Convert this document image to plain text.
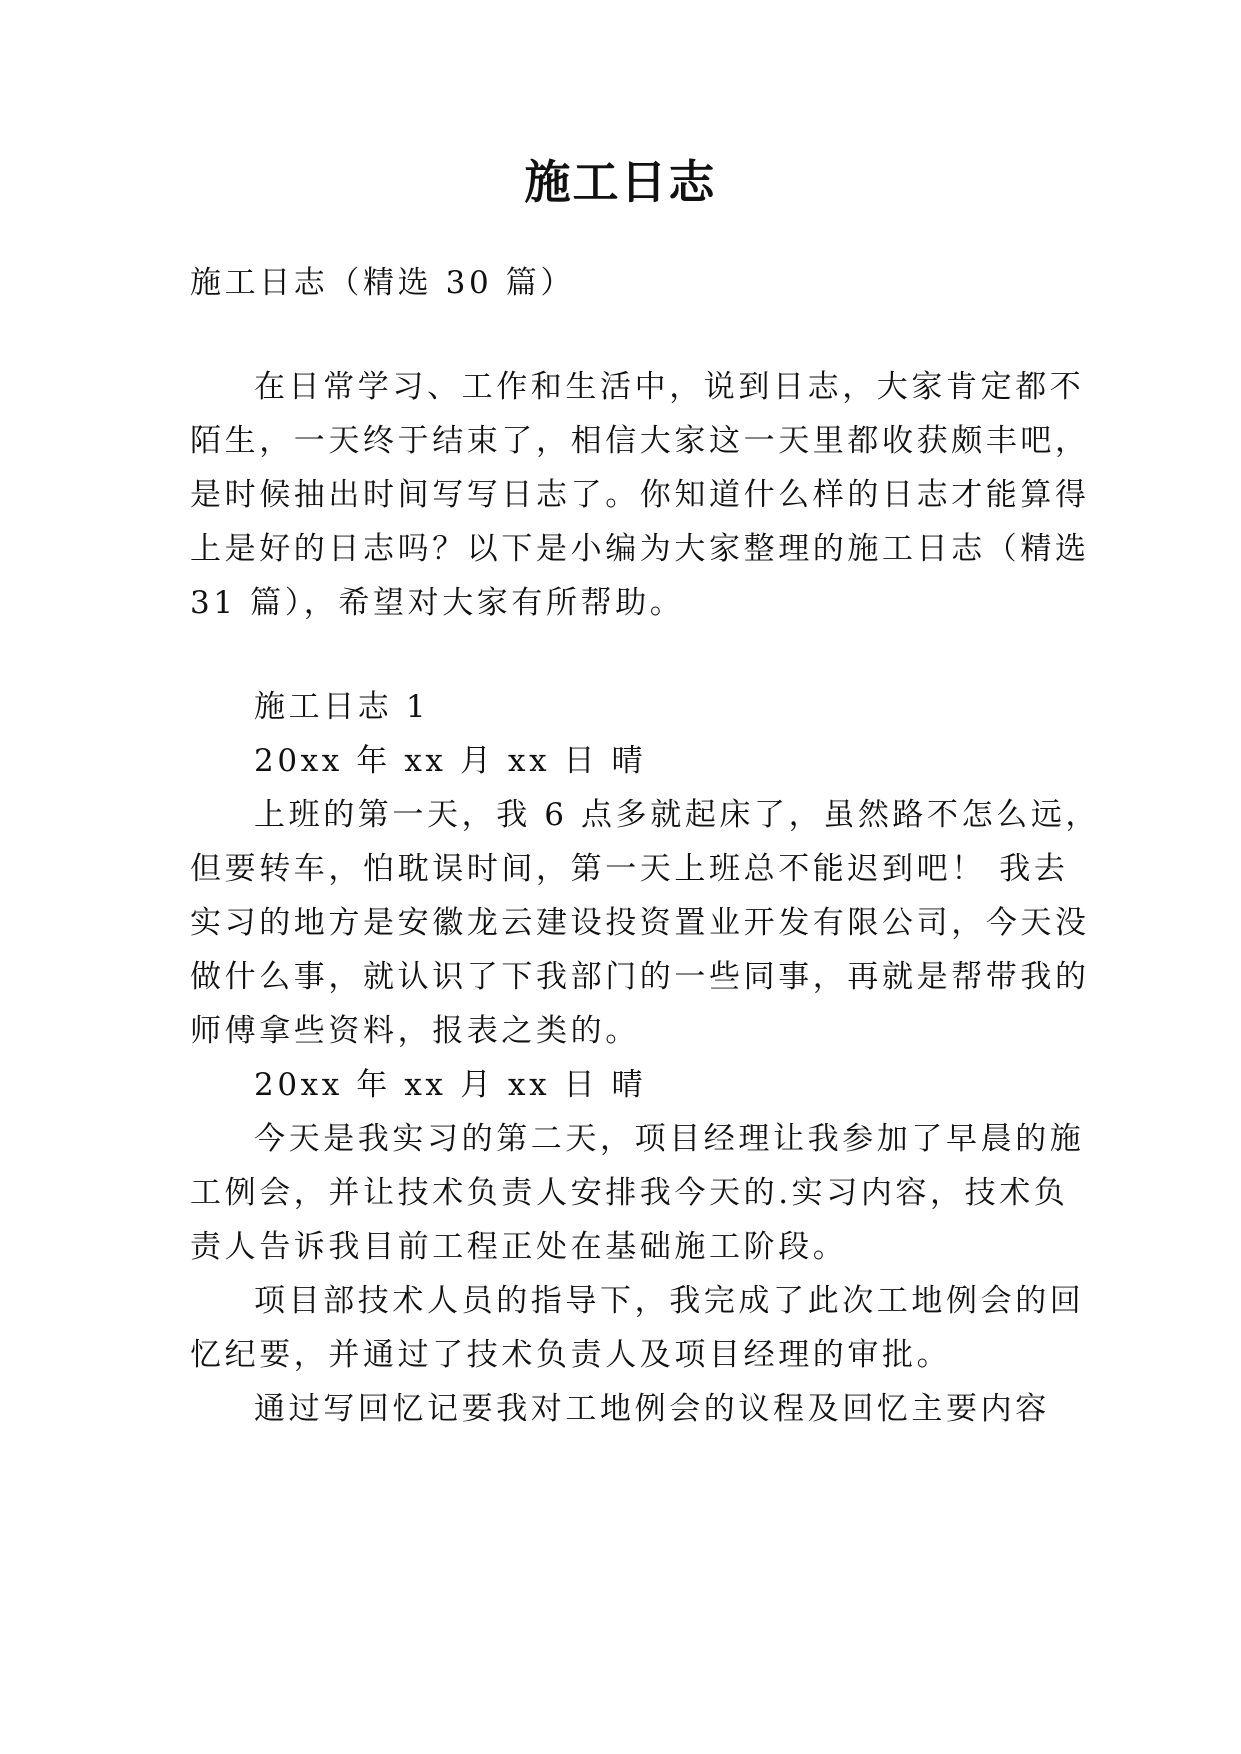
施工日志

施工日志（精选 30 篇）

在日常学习、工作和生活中，说到日志，大家肯定都不

陌生，一天终于结束了，相信大家这一天里都收获颇丰吧，

是时候抽出时间写写日志了。你知道什么样的日志才能算得

上是好的日志吗？以下是小编为大家整理的施工日志（精选

31 篇），希望对大家有所帮助。

施工日志 1

20xx 年 xx 月 xx 日 晴

上班的第一天，我 6 点多就起床了，虽然路不怎么远，

但要转车，怕耽误时间，第一天上班总不能迟到吧！ 我去

实习的地方是安徽龙云建设投资置业开发有限公司，今天没

做什么事，就认识了下我部门的一些同事，再就是帮带我的

师傅拿些资料，报表之类的。

20xx 年 xx 月 xx 日 晴

今天是我实习的第二天，项目经理让我参加了早晨的施

工例会，并让技术负责人安排我今天的.实习内容，技术负

责人告诉我目前工程正处在基础施工阶段。

项目部技术人员的指导下，我完成了此次工地例会的回

忆纪要，并通过了技术负责人及项目经理的审批。

通过写回忆记要我对工地例会的议程及回忆主要内容
